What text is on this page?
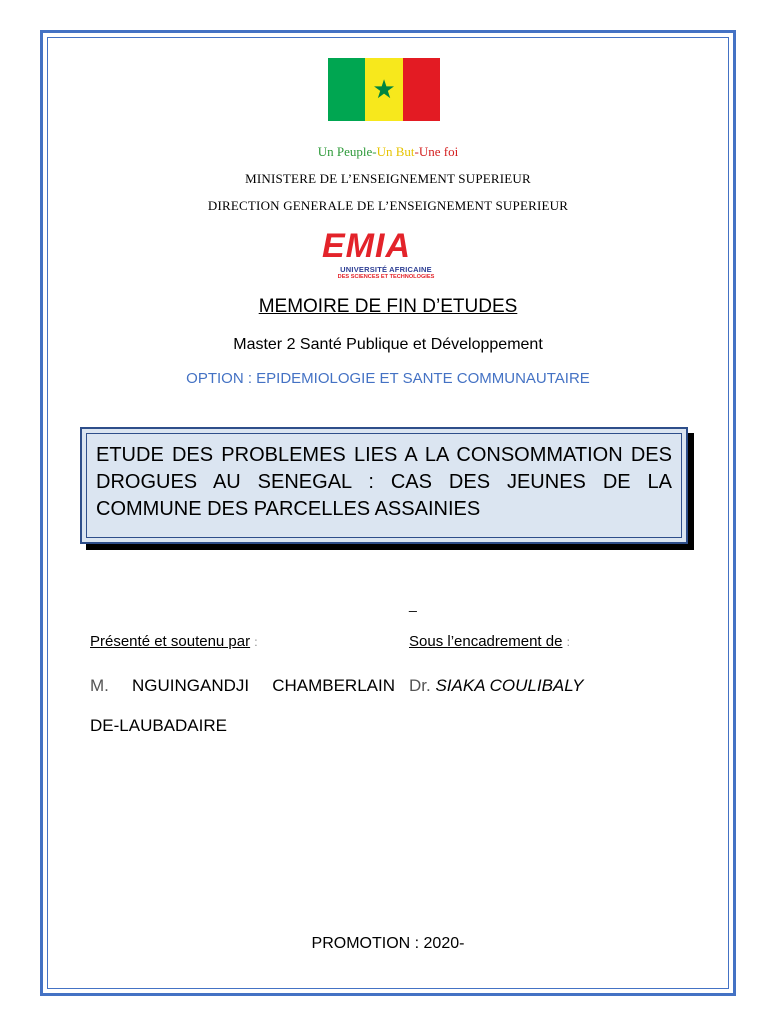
★
Un Peuple-Un But-Une foi
MINISTERE DE L’ENSEIGNEMENT SUPERIEUR
DIRECTION GENERALE DE L’ENSEIGNEMENT SUPERIEUR
EMIA
UNIVERSITÉ AFRICAINE
DES SCIENCES ET TECHNOLOGIES
MEMOIRE DE FIN D’ETUDES
Master 2 Santé Publique et Développement
OPTION : EPIDEMIOLOGIE ET SANTE COMMUNAUTAIRE

ETUDE DES PROBLEMES LIES A LA CONSOMMATION DES DROGUES AU SENEGAL : CAS DES JEUNES DE LA COMMUNE DES PARCELLES ASSAINIES

_
Présenté et soutenu par :	Sous l’encadrement de :
M. NGUINGANDJI CHAMBERLAIN
DE-LAUBADAIRE
Dr. SIAKA COULIBALY
PROMOTION : 2020-
